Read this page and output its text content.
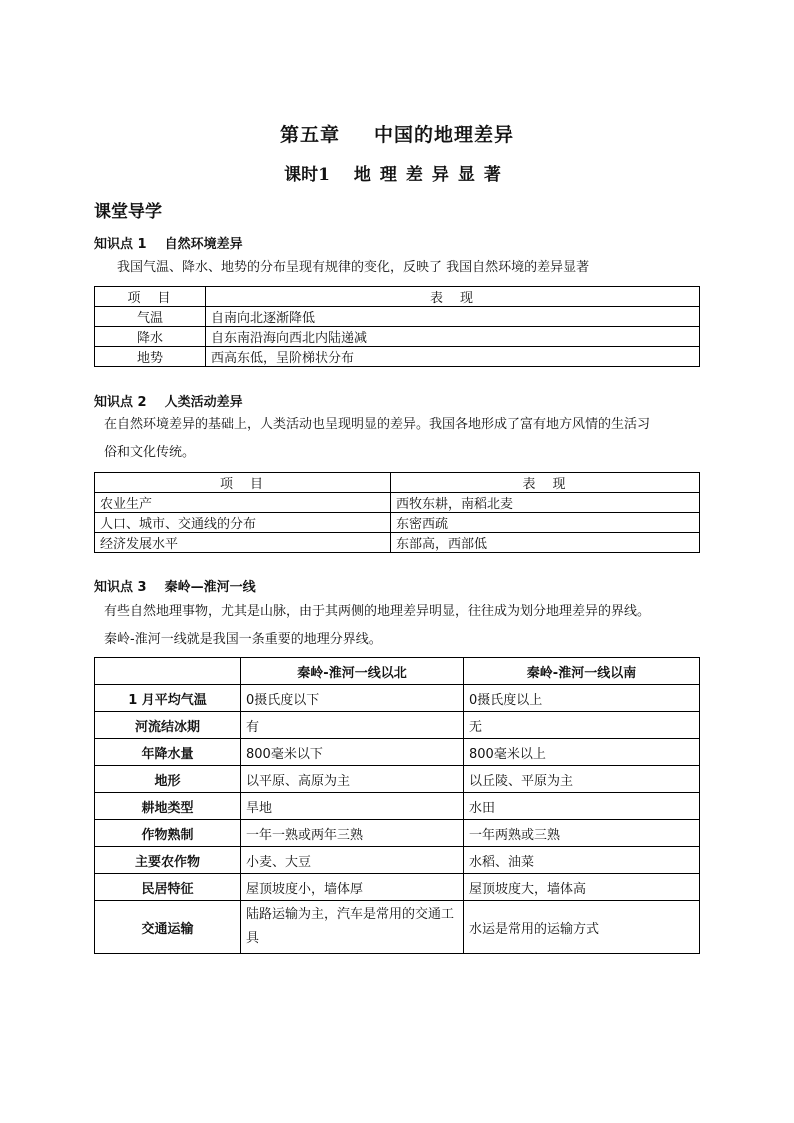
第五章 中国的地理差异
课时1 地理差异显著
课堂导学
知识点 1 自然环境差异
我国气温、降水、地势的分布呈现有规律的变化，反映了 我国自然环境的差异显著
项　目	表　现
气温	自南向北逐渐降低
降水	自东南沿海向西北内陆递减
地势	西高东低，呈阶梯状分布
知识点 2 人类活动差异
在自然环境差异的基础上，人类活动也呈现明显的差异。我国各地形成了富有地方风情的生活习
俗和文化传统。
项　目	表　现
农业生产	西牧东耕，南稻北麦
人口、城市、交通线的分布	东密西疏
经济发展水平	东部高，西部低
知识点 3 秦岭—淮河一线
有些自然地理事物，尤其是山脉，由于其两侧的地理差异明显，往往成为划分地理差异的界线。
秦岭-淮河一线就是我国一条重要的地理分界线。
	秦岭-淮河一线以北	秦岭-淮河一线以南
1 月平均气温	0摄氏度以下	0摄氏度以上
河流结冰期	有	无
年降水量	800毫米以下	800毫米以上
地形	以平原、高原为主	以丘陵、平原为主
耕地类型	旱地	水田
作物熟制	一年一熟或两年三熟	一年两熟或三熟
主要农作物	小麦、大豆	水稻、油菜
民居特征	屋顶坡度小，墙体厚	屋顶坡度大，墙体高
交通运输	陆路运输为主，汽车是常用的交通工具	水运是常用的运输方式
